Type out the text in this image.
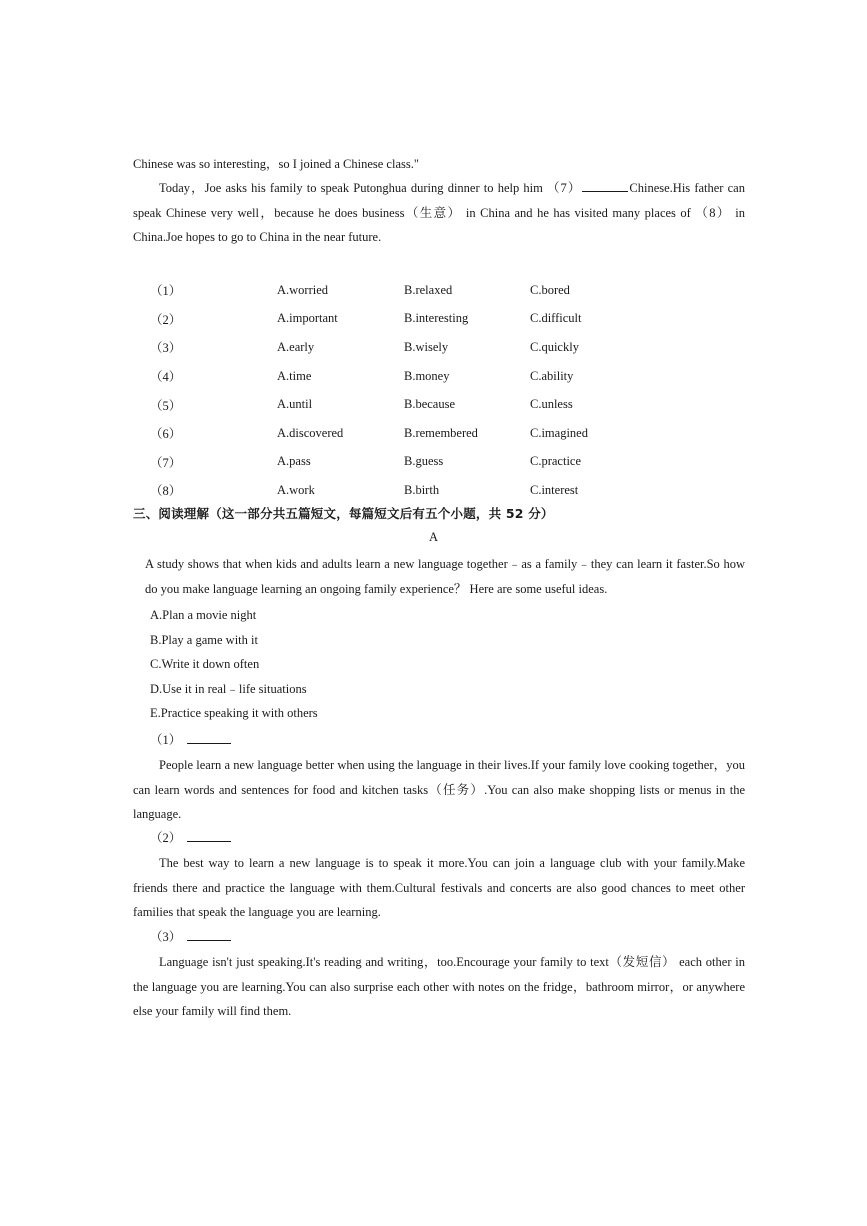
Chinese was so interesting，so I joined a Chinese class."

Today，Joe asks his family to speak Putonghua during dinner to help him （7）	Chinese.His father can speak Chinese very well，because he does business（生意） in China and he has visited many places of （8） in China.Joe hopes to go to China in the near future.

（1）	A.worried	B.relaxed	C.bored
（2）	A.important	B.interesting	C.difficult
（3）	A.early	B.wisely	C.quickly
（4）	A.time	B.money	C.ability
（5）	A.until	B.because	C.unless
（6）	A.discovered	B.remembered	C.imagined
（7）	A.pass	B.guess	C.practice
（8）	A.work	B.birth	C.interest
三、阅读理解（这一部分共五篇短文，每篇短文后有五个小题，共 52 分）
A

A study shows that when kids and adults learn a new language together﹣as a family﹣they can learn it faster.So how do you make language learning an ongoing family experience？ Here are some useful ideas.

A.Plan a movie night
B.Play a game with it
C.Write it down often
D.Use it in real﹣life situations
E.Practice speaking it with others
（1）

People learn a new language better when using the language in their lives.If your family love cooking together，you can learn words and sentences for food and kitchen tasks（任务）.You can also make shopping lists or menus in the language.

（2）

The best way to learn a new language is to speak it more.You can join a language club with your family.Make friends there and practice the language with them.Cultural festivals and concerts are also good chances to meet other families that speak the language you are learning.

（3）

Language isn't just speaking.It's reading and writing，too.Encourage your family to text（发短信） each other in the language you are learning.You can also surprise each other with notes on the fridge，bathroom mirror，or anywhere else your family will find them.
